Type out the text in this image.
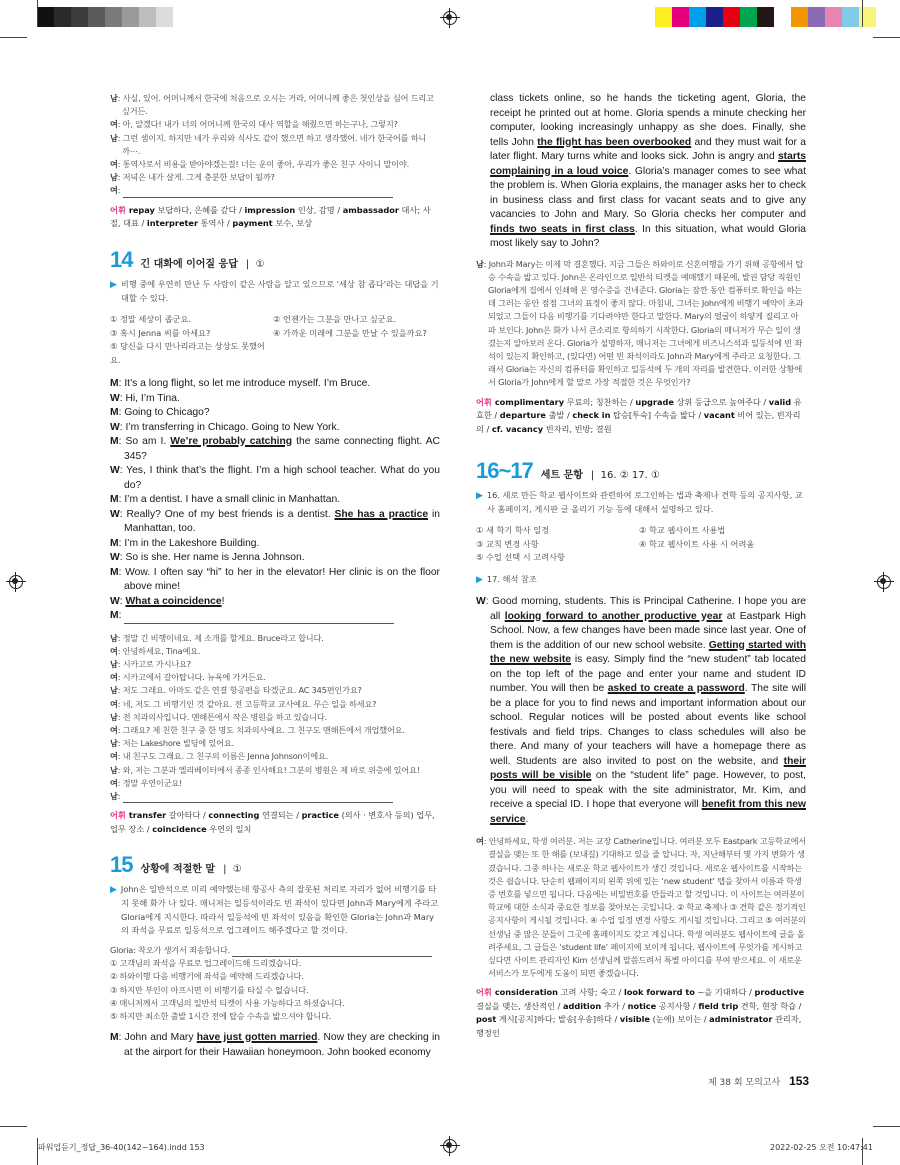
파워업듣기_정답_36-40(142~164).indd 153	2022-02-25 오전 10:47:41
남: 사실, 있어. 어머니께서 한국에 처음으로 오시는 거라, 어머니께 좋은 첫인상을 심어 드리고 싶거든.
여: 아, 알겠다! 내가 너의 어머니께 한국의 대사 역할을 해줬으면 하는구나, 그렇지?
남: 그런 셈이지. 하지만 네가 우리와 식사도 같이 했으면 하고 생각했어. 네가 한국어를 하니까⋯.
여: 통역사로서 비용을 받아야겠는걸! 너는 운이 좋아, 우리가 좋은 친구 사이니 말이야.
남: 저녁은 내가 살게. 그게 충분한 보답이 될까?
여:
어휘 repay 보답하다, 은혜를 갚다 / impression 인상, 감명 / ambassador 대사; 사절, 대표 / interpreter 통역사 / payment 보수, 보상
14 긴 대화에 이어질 응답 |  ①
▶ 비행 중에 우연히 만난 두 사람이 같은 사람을 알고 있으므로 '세상 참 좁다'라는 대답을 기대할 수 있다.
① 정말 세상이 좁군요.	② 언젠가는 그분을 만나고 싶군요.
③ 혹시 Jenna 씨를 아세요?	④ 가까운 미래에 그분을 만날 수 있을까요?
⑤ 당신을 다시 만나리라고는 상상도 못했어요.
M: It’s a long flight, so let me introduce myself. I’m Bruce.
W: Hi, I’m Tina.
M: Going to Chicago?
W: I’m transferring in Chicago. Going to New York.
M: So am I. We’re probably catching the same connecting flight. AC 345?
W: Yes, I think that’s the flight. I’m a high school teacher. What do you do?
M: I’m a dentist. I have a small clinic in Manhattan.
W: Really? One of my best friends is a dentist. She has a practice in Manhattan, too.
M: I’m in the Lakeshore Building.
W: So is she. Her name is Jenna Johnson.
M: Wow. I often say “hi” to her in the elevator! Her clinic is on the floor above mine!
W: What a coincidence!
M:
남: 정말 긴 비행이네요. 제 소개를 할게요. Bruce라고 합니다.
여: 안녕하세요, Tina예요.
남: 시카고로 가시나요?
여: 시카고에서 갈아탑니다. 뉴욕에 가거든요.
남: 저도 그래요. 아마도 같은 연결 항공편을 타겠군요. AC 345편인가요?
여: 네, 저도 그 비행기인 것 같아요. 전 고등학교 교사예요. 무슨 일을 하세요?
남: 전 치과의사입니다. 맨해튼에서 작은 병원을 하고 있습니다.
여: 그래요? 제 친한 친구 중 한 명도 치과의사예요. 그 친구도 맨해튼에서 개업했어요.
남: 저는 Lakeshore 빌딩에 있어요.
여: 내 친구도 그래요. 그 친구의 이름은 Jenna Johnson이에요.
남: 와, 저는 그분과 엘리베이터에서 종종 인사해요! 그분의 병원은 제 바로 위층에 있어요!
여: 정말 우연이군요!
남:
어휘 transfer 갈아타다 / connecting 연결되는 / practice (의사 · 변호사 등의) 업무, 업무 장소 / coincidence 우연의 일치
15 상황에 적절한 말 |  ①
▶ John은 일반석으로 미리 예약했는데 항공사 측의 잘못된 처리로 자리가 없어 비행기를 타지 못해 화가 나 있다. 매니저는 일등석이라도 빈 좌석이 있다면 John과 Mary에게 주라고 Gloria에게 지시한다. 따라서 일등석에 빈 좌석이 있음을 확인한 Gloria는 John과 Mary의 좌석을 무료로 일등석으로 업그레이드 해주겠다고 할 것이다.
Gloria: 착오가 생겨서 죄송합니다.
① 고객님의 좌석을 무료로 업그레이드해 드리겠습니다.
② 하와이행 다음 비행기에 좌석을 예약해 드리겠습니다.
③ 하지만 부인이 아프시면 이 비행기를 타실 수 없습니다.
④ 매니저께서 고객님의 일반석 티켓이 사용 가능하다고 하셨습니다.
⑤ 하지만 최소한 출발 1시간 전에 탑승 수속을 밟으셔야 합니다.
M: John and Mary have just gotten married. Now they are checking in at the airport for their Hawaiian honeymoon. John booked economy
class tickets online, so he hands the ticketing agent, Gloria, the receipt he printed out at home. Gloria spends a minute checking her computer, looking increasingly unhappy as she does. Finally, she tells John the flight has been overbooked and they must wait for a later flight. Mary turns white and looks sick. John is angry and starts complaining in a loud voice. Gloria’s manager comes to see what the problem is. When Gloria explains, the manager asks her to check in business class and first class for vacant seats and to give any vacancies to John and Mary. So Gloria checks her computer and finds two seats in first class. In this situation, what would Gloria most likely say to John?
남: John과 Mary는 이제 막 결혼했다. 지금 그들은 하와이로 신혼여행을 가기 위해 공항에서 탑승 수속을 밟고 있다. John은 온라인으로 일반석 티켓을 예매했기 때문에, 발권 담당 직원인 Gloria에게 집에서 인쇄해 온 영수증을 건네준다. Gloria는 잠깐 동안 컴퓨터로 확인을 하는데 그러는 동안 점점 그녀의 표정이 좋지 않다. 마침내, 그녀는 John에게 비행기 예약이 초과되었고 그들이 다음 비행기를 기다려야만 한다고 말한다. Mary의 얼굴이 하얗게 질리고 아파 보인다. John은 화가 나서 큰소리로 항의하기 시작한다. Gloria의 매니저가 무슨 일이 생겼는지 알아보러 온다. Gloria가 설명하자, 매니저는 그녀에게 비즈니스석과 일등석에 빈 좌석이 있는지 확인하고, (있다면) 어떤 빈 좌석이라도 John과 Mary에게 주라고 요청한다. 그래서 Gloria는 자신의 컴퓨터를 확인하고 일등석에 두 개의 자리를 발견한다. 이러한 상황에서 Gloria가 John에게 할 말로 가장 적절한 것은 무엇인가?
어휘 complimentary 무료의; 칭찬하는 / upgrade 상위 등급으로 높여주다 / valid 유효한 / departure 출발 / check in 탑승[투숙] 수속을 밟다 / vacant 비어 있는, 빈자리의 / cf. vacancy 빈자리, 빈방; 결원
16~17 세트 문항 |  16. ② 17. ①
▶ 16. 새로 만든 학교 웹사이트와 관련하여 로그인하는 법과 축제나 견학 등의 공지사항, 교사 홈페이지, 게시판 글 올리기 기능 등에 대해서 설명하고 있다.
① 새 학기 학사 일정	② 학교 웹사이트 사용법
③ 교칙 변경 사항	④ 학교 웹사이트 사용 시 어려움
⑤ 수업 선택 시 고려사항
▶ 17. 해석 참조
W: Good morning, students. This is Principal Catherine. I hope you are all looking forward to another productive year at Eastpark High School. Now, a few changes have been made since last year. One of them is the addition of our new school website. Getting started with the new website is easy. Simply find the “new student” tab located on the top left of the page and enter your name and student ID number. You will then be asked to create a password. The site will be a place for you to find news and important information about our school. Regular notices will be posted about events like school festivals and field trips. Changes to class schedules will also be there. And many of your teachers will have a homepage there as well. Students are also invited to post on the website, and their posts will be visible on the “student life” page. However, to post, you will need to speak with the site administrator, Mr. Kim, and receive a special ID. I hope that everyone will benefit from this new service.
여: 안녕하세요, 학생 여러분. 저는 교장 Catherine입니다. 여러분 모두 Eastpark 고등학교에서 결실을 맺는 또 한 해를 (보내길) 기대하고 있을 줄 압니다. 자, 지난해부터 몇 가지 변화가 생겼습니다. 그중 하나는 새로운 학교 웹사이트가 생긴 것입니다. 새로운 웹사이트를 시작하는 것은 쉽습니다. 단순히 웹페이지의 왼쪽 위에 있는 ‘new student’ 탭을 찾아서 이름과 학생증 번호를 넣으면 됩니다. 다음에는 비밀번호를 만들라고 할 것입니다. 이 사이트는 여러분이 학교에 대한 소식과 중요한 정보를 찾아보는 곳입니다. ② 학교 축제나 ③ 견학 같은 정기적인 공지사항이 게시될 것입니다. ④ 수업 일정 변경 사항도 게시될 것입니다. 그리고 ⑤ 여러분의 선생님 중 많은 분들이 그곳에 홈페이지도 갖고 계십니다. 학생 여러분도 웹사이트에 글을 올려주세요, 그 글들은 ‘student life’ 페이지에 보이게 됩니다. 웹사이트에 무엇가를 게시하고 싶다면 사이트 관리자인 Kim 선생님께 말씀드려서 특별 아이디를 부여 받으세요. 이 새로운 서비스가 모두에게 도움이 되면 좋겠습니다.
어휘 consideration 고려 사항; 숙고 / look forward to ~을 기대하다 / productive 결실을 맺는, 생산적인 / addition 추가 / notice 공지사항 / field trip 견학, 현장 학습 / post 게시[공지]하다; 발송[우송]하다 / visible (눈에) 보이는 / administrator 관리자, 행정인
제 38 회 모의고사 153
